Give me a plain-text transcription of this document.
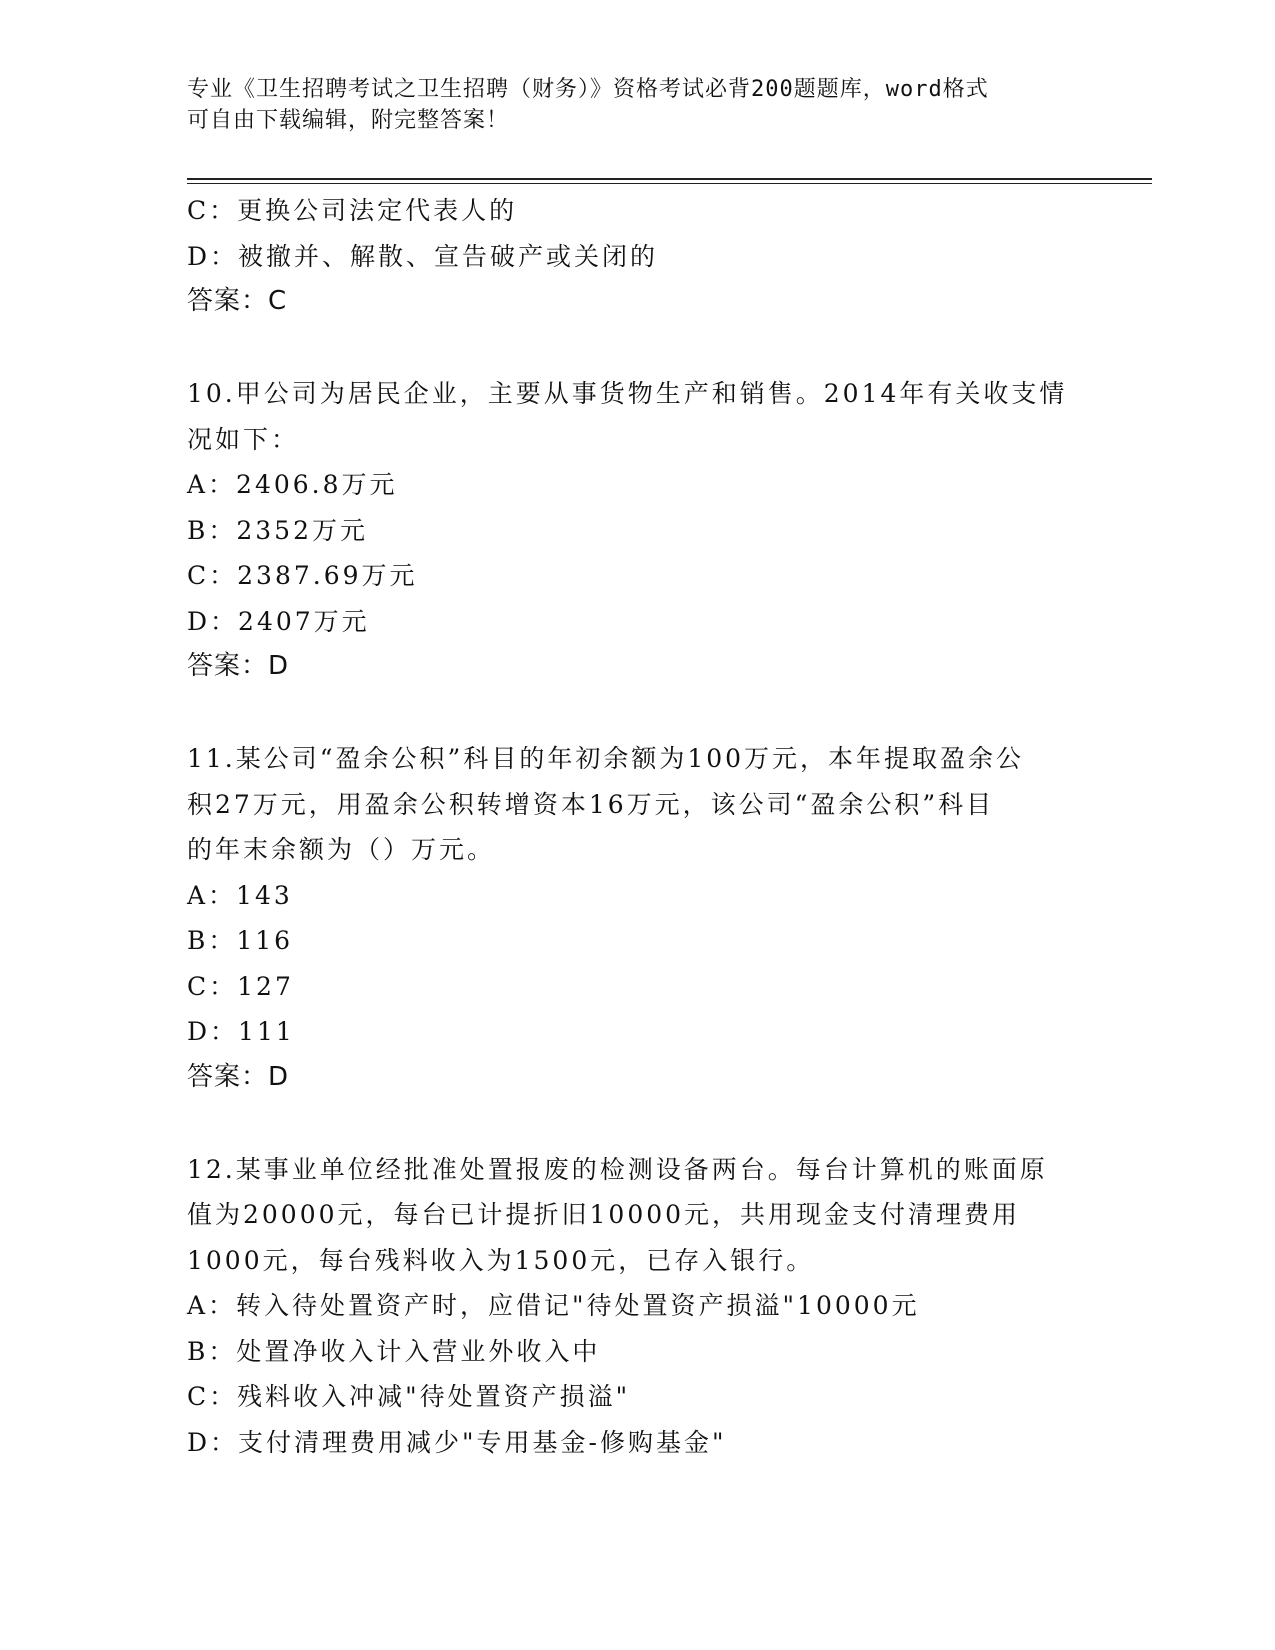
专业《卫生招聘考试之卫生招聘（财务）》资格考试必背200题题库，word格式
可自由下载编辑，附完整答案！
C：更换公司法定代表人的
D：被撤并、解散、宣告破产或关闭的
答案：C
10.甲公司为居民企业，主要从事货物生产和销售。2014年有关收支情
况如下：
A：2406.8万元
B：2352万元
C：2387.69万元
D：2407万元
答案：D
11.某公司“盈余公积”科目的年初余额为100万元，本年提取盈余公
积27万元，用盈余公积转增资本16万元，该公司“盈余公积”科目
的年末余额为（）万元。
A：143
B：116
C：127
D：111
答案：D
12.某事业单位经批准处置报废的检测设备两台。每台计算机的账面原
值为20000元，每台已计提折旧10000元，共用现金支付清理费用
1000元，每台残料收入为1500元，已存入银行。
A：转入待处置资产时，应借记"待处置资产损溢"10000元
B：处置净收入计入营业外收入中
C：残料收入冲减"待处置资产损溢"
D：支付清理费用减少"专用基金-修购基金"
